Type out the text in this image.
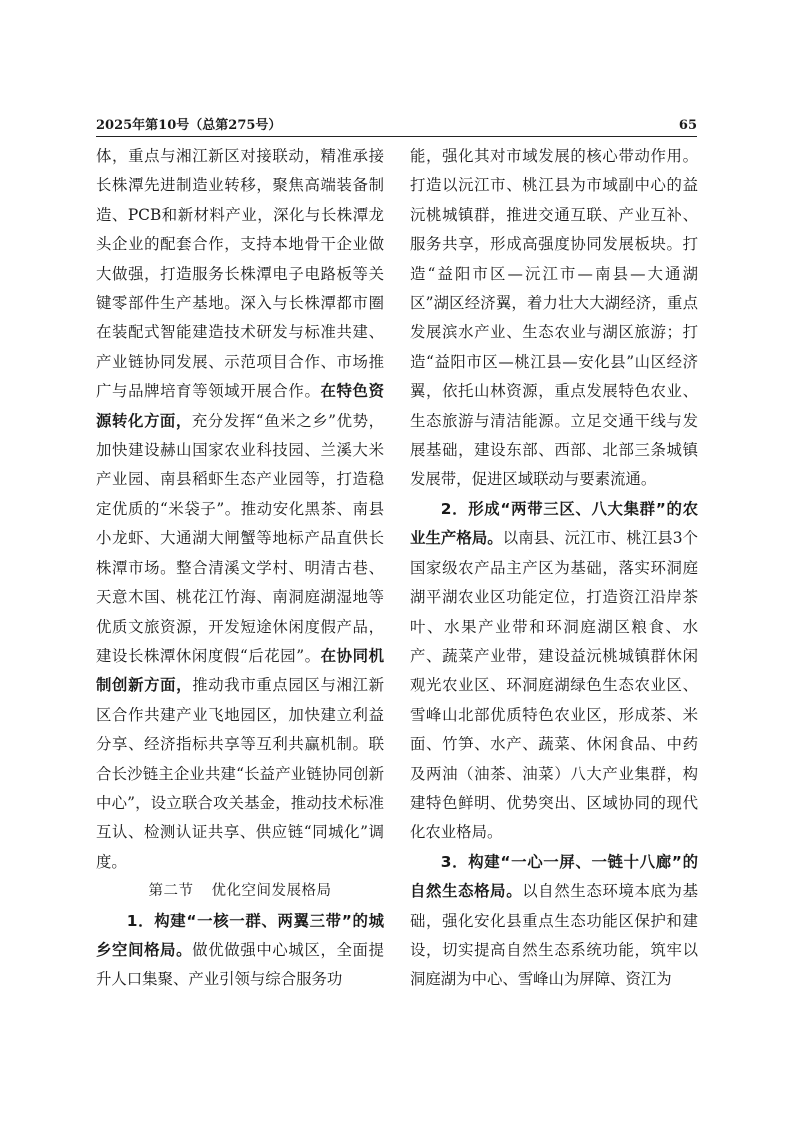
2025年第10号（总第275号）	65

体，重点与湘江新区对接联动，精准承接长株潭先进制造业转移，聚焦高端装备制造、PCB和新材料产业，深化与长株潭龙头企业的配套合作，支持本地骨干企业做大做强，打造服务长株潭电子电路板等关键零部件生产基地。深入与长株潭都市圈在装配式智能建造技术研发与标准共建、产业链协同发展、示范项目合作、市场推广与品牌培育等领域开展合作。在特色资源转化方面，充分发挥“鱼米之乡”优势，加快建设赫山国家农业科技园、兰溪大米产业园、南县稻虾生态产业园等，打造稳定优质的“米袋子”。推动安化黑茶、南县小龙虾、大通湖大闸蟹等地标产品直供长株潭市场。整合清溪文学村、明清古巷、天意木国、桃花江竹海、南洞庭湖湿地等优质文旅资源，开发短途休闲度假产品，建设长株潭休闲度假“后花园”。在协同机制创新方面，推动我市重点园区与湘江新区合作共建产业飞地园区，加快建立利益分享、经济指标共享等互利共赢机制。联合长沙链主企业共建“长益产业链协同创新中心”，设立联合攻关基金，推动技术标准互认、检测认证共享、供应链“同城化”调度。

第二节 优化空间发展格局

1．构建“一核一群、两翼三带”的城乡空间格局。做优做强中心城区，全面提升人口集聚、产业引领与综合服务功

能，强化其对市域发展的核心带动作用。打造以沅江市、桃江县为市域副中心的益沅桃城镇群，推进交通互联、产业互补、服务共享，形成高强度协同发展板块。打造“益阳市区—沅江市—南县—大通湖区”湖区经济翼，着力壮大大湖经济，重点发展滨水产业、生态农业与湖区旅游；打造“益阳市区—桃江县—安化县”山区经济翼，依托山林资源，重点发展特色农业、生态旅游与清洁能源。立足交通干线与发展基础，建设东部、西部、北部三条城镇发展带，促进区域联动与要素流通。

2．形成“两带三区、八大集群”的农业生产格局。以南县、沅江市、桃江县3个国家级农产品主产区为基础，落实环洞庭湖平湖农业区功能定位，打造资江沿岸茶叶、水果产业带和环洞庭湖区粮食、水产、蔬菜产业带，建设益沅桃城镇群休闲观光农业区、环洞庭湖绿色生态农业区、雪峰山北部优质特色农业区，形成茶、米面、竹笋、水产、蔬菜、休闲食品、中药及两油（油茶、油菜）八大产业集群，构建特色鲜明、优势突出、区域协同的现代化农业格局。

3．构建“一心一屏、一链十八廊”的自然生态格局。以自然生态环境本底为基础，强化安化县重点生态功能区保护和建设，切实提高自然生态系统功能，筑牢以洞庭湖为中心、雪峰山为屏障、资江为
